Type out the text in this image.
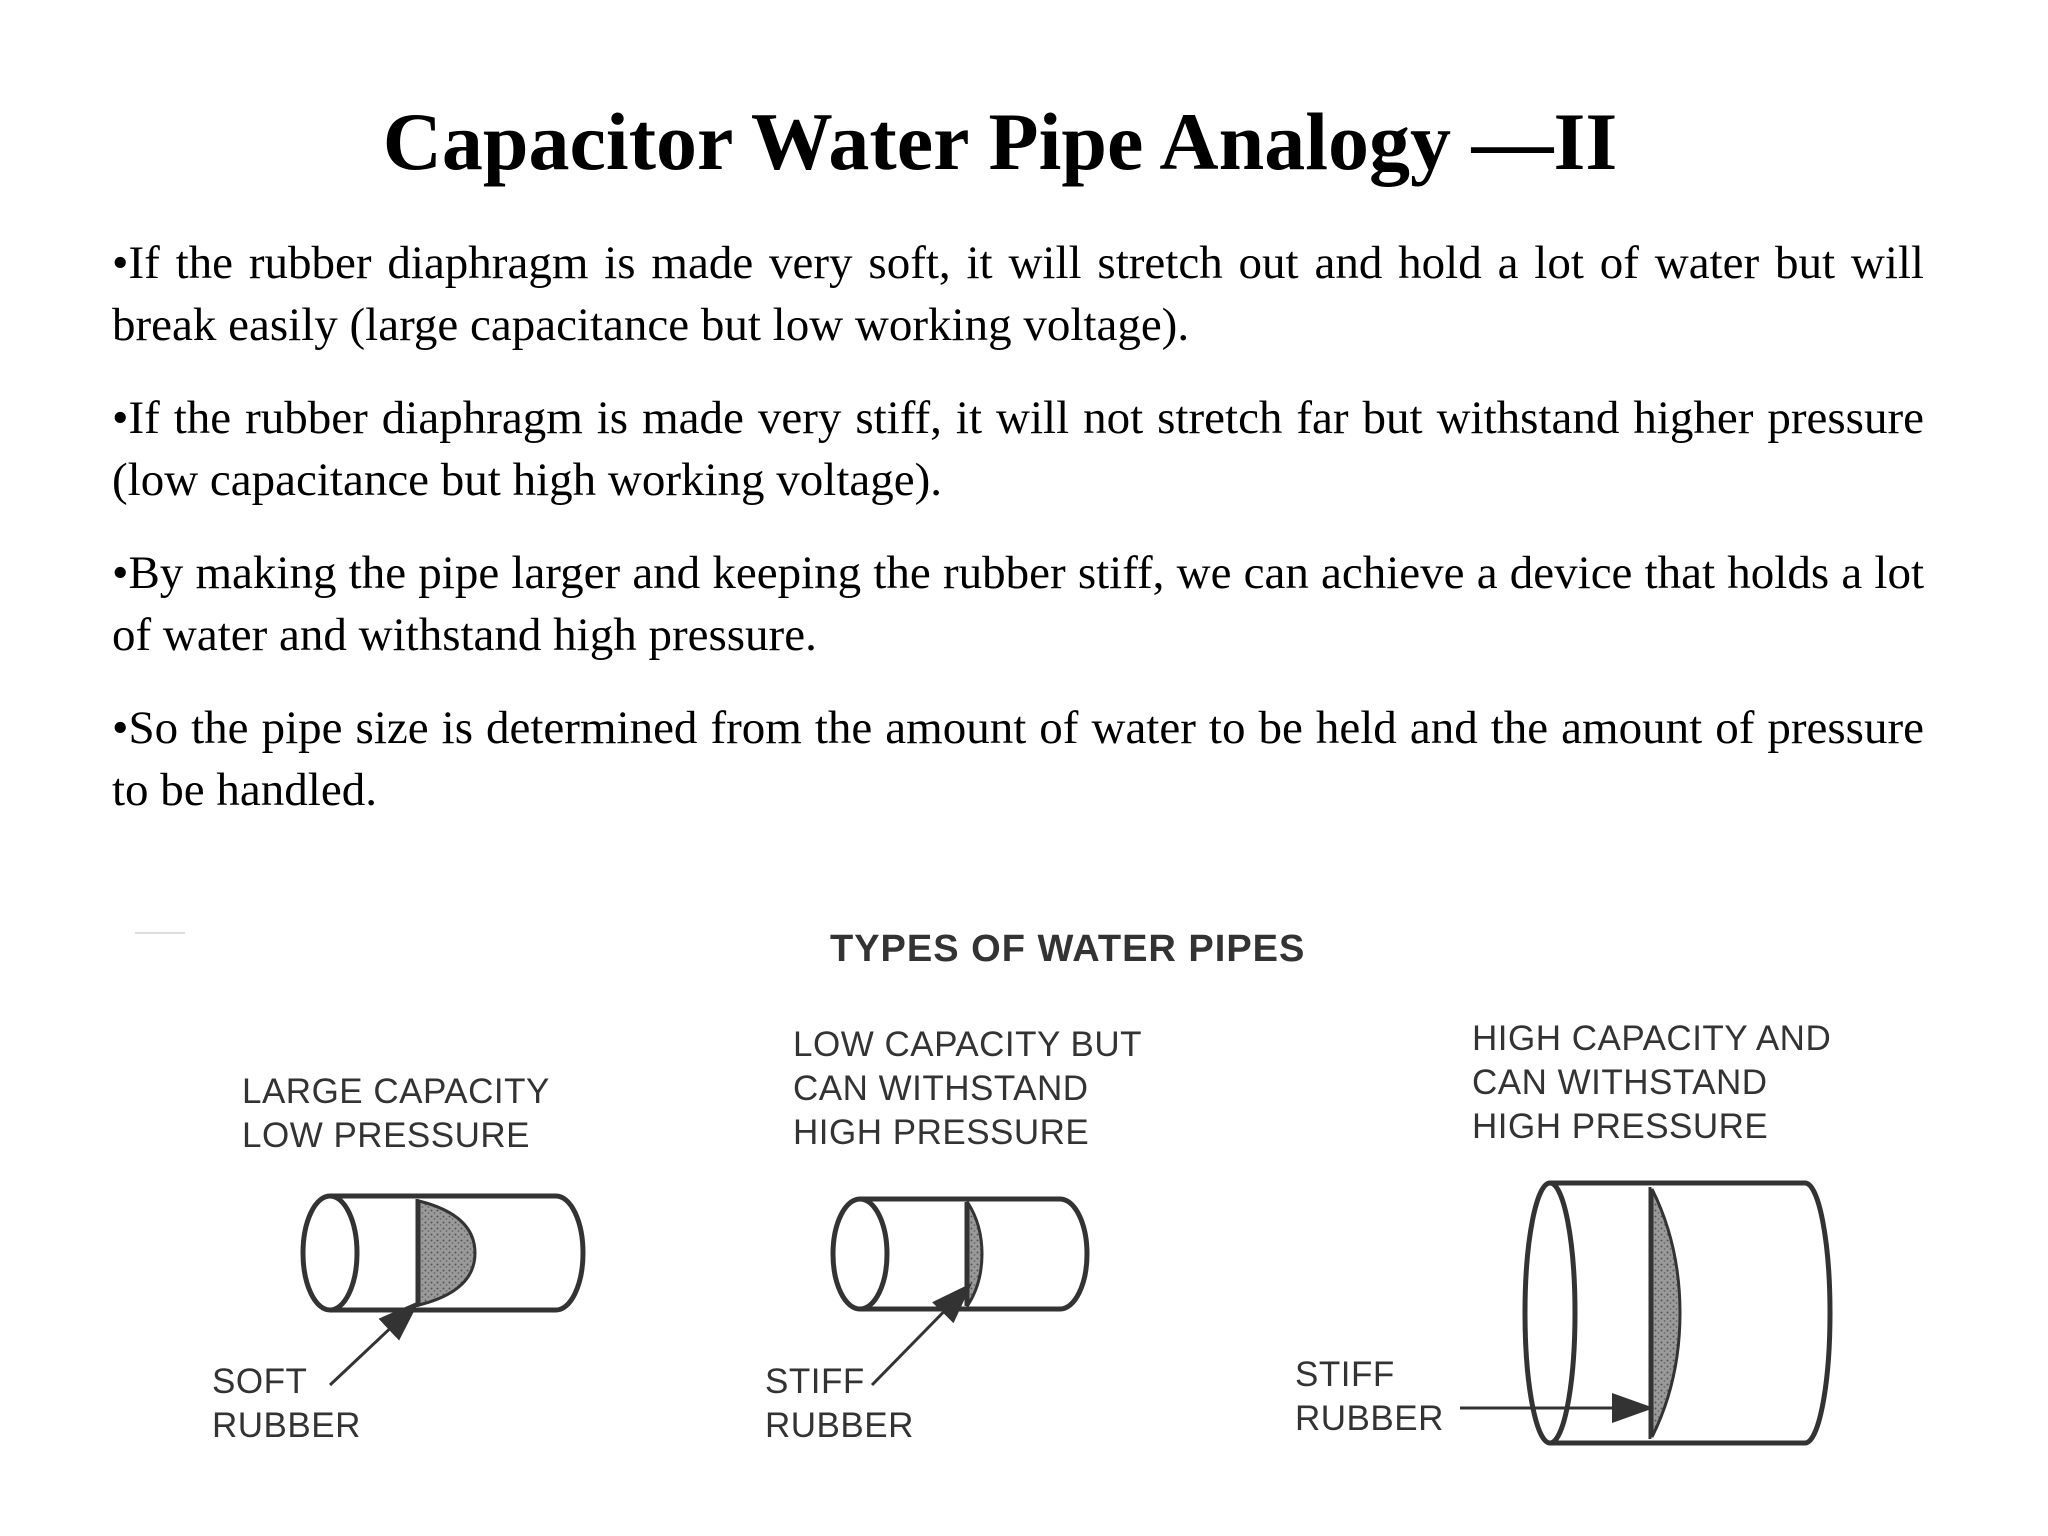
Capacitor Water Pipe Analogy —II

•If the rubber diaphragm is made very soft, it will stretch out and hold a lot of water but will break easily (large capacitance but low working voltage).

•If the rubber diaphragm is made very stiff, it will not stretch far but withstand higher pressure (low capacitance but high working voltage).

•By making the pipe larger and keeping the rubber stiff, we can achieve a device that holds a lot of water and withstand high pressure.

•So the pipe size is determined from the amount of water to be held and the amount of pressure to be handled.

TYPES OF WATER PIPES
LARGE CAPACITY
LOW PRESSURE
SOFT
RUBBER
LOW CAPACITY BUT
CAN WITHSTAND
HIGH PRESSURE
STIFF
RUBBER
HIGH CAPACITY AND
CAN WITHSTAND
HIGH PRESSURE
STIFF
RUBBER
